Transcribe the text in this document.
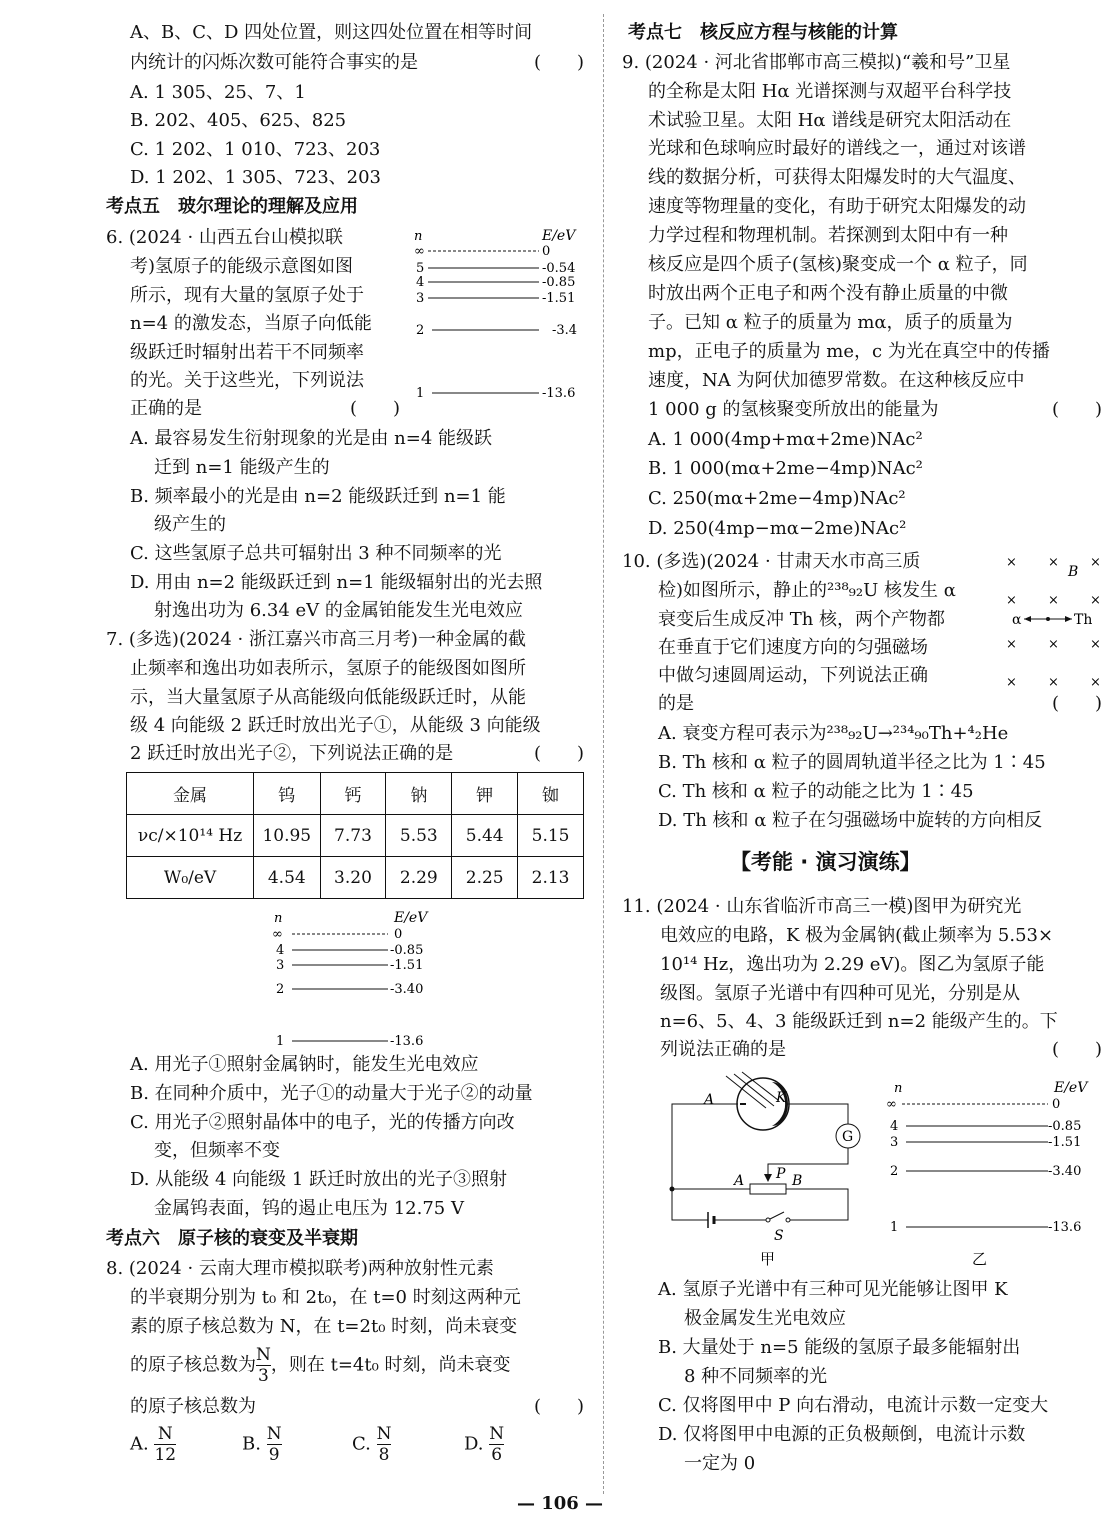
A、B、C、D 四处位置，则这四处位置在相等时间
内统计的闪烁次数可能符合事实的是	(　　)
A. 1 305、25、7、1
B. 202、405、625、825
C. 1 202、1 010、723、203
D. 1 202、1 305、723、203
考点五　玻尔理论的理解及应用
6. (2024 · 山西五台山模拟联
考)氢原子的能级示意图如图
所示，现有大量的氢原子处于
n=4 的激发态，当原子向低能
级跃迁时辐射出若干不同频率
的光。关于这些光，下列说法
正确的是	(　　)
n	E/eV
∞	0
5	-0.54
4	-0.85
3	-1.51
2	-3.4
1	-13.6
A. 最容易发生衍射现象的光是由 n=4 能级跃
迁到 n=1 能级产生的
B. 频率最小的光是由 n=2 能级跃迁到 n=1 能
级产生的
C. 这些氢原子总共可辐射出 3 种不同频率的光
D. 用由 n=2 能级跃迁到 n=1 能级辐射出的光去照
射逸出功为 6.34 eV 的金属铂能发生光电效应
7. (多选)(2024 · 浙江嘉兴市高三月考)一种金属的截
止频率和逸出功如表所示，氢原子的能级图如图所
示，当大量氢原子从高能级向低能级跃迁时，从能
级 4 向能级 2 跃迁时放出光子①，从能级 3 向能级
2 跃迁时放出光子②，下列说法正确的是	(　　)
金属	钨	钙	钠	钾	铷
νc/×10¹⁴ Hz	10.95	7.73	5.53	5.44	5.15
W₀/eV	4.54	3.20	2.29	2.25	2.13
n	E/eV
∞	0
4	-0.85
3	-1.51
2	-3.40
1	-13.6
A. 用光子①照射金属钠时，能发生光电效应
B. 在同种介质中，光子①的动量大于光子②的动量
C. 用光子②照射晶体中的电子，光的传播方向改
变，但频率不变
D. 从能级 4 向能级 1 跃迁时放出的光子③照射
金属钨表面，钨的遏止电压为 12.75 V
考点六　原子核的衰变及半衰期
8. (2024 · 云南大理市模拟联考)两种放射性元素
的半衰期分别为 t₀ 和 2t₀，在 t=0 时刻这两种元
素的原子核总数为 N，在 t=2t₀ 时刻，尚未衰变
的原子核总数为 $\frac{N}{3}$ ，则在 t=4t₀ 时刻，尚未衰变
的原子核总数为	(　　)
A. $\frac{N}{12}$	B. $\frac{N}{9}$	C. $\frac{N}{8}$	D. $\frac{N}{6}$
考点七　核反应方程与核能的计算
9. (2024 · 河北省邯郸市高三模拟)“羲和号”卫星
的全称是太阳 Hα 光谱探测与双超平台科学技
术试验卫星。太阳 Hα 谱线是研究太阳活动在
光球和色球响应时最好的谱线之一，通过对该谱
线的数据分析，可获得太阳爆发时的大气温度、
速度等物理量的变化，有助于研究太阳爆发的动
力学过程和物理机制。若探测到太阳中有一种
核反应是四个质子(氢核)聚变成一个 α 粒子，同
时放出两个正电子和两个没有静止质量的中微
子。已知 α 粒子的质量为 mα，质子的质量为
mp，正电子的质量为 me，c 为光在真空中的传播
速度，NA 为阿伏加德罗常数。在这种核反应中
1 000 g 的氢核聚变所放出的能量为	(　　)
A. 1 000(4mp+mα+2me)NAc²
B. 1 000(mα+2me−4mp)NAc²
C. 250(mα+2me−4mp)NAc²
D. 250(4mp−mα−2me)NAc²
10. (多选)(2024 · 甘肃天水市高三质
检)如图所示，静止的²³⁸₉₂U 核发生 α
衰变后生成反冲 Th 核，两个产物都
在垂直于它们速度方向的匀强磁场
中做匀速圆周运动，下列说法正确
的是	(　　)
× × ×
B
× × ×
α	Th
× × ×
× × ×
A. 衰变方程可表示为²³⁸₉₂U→²³⁴₉₀Th+⁴₂He
B. Th 核和 α 粒子的圆周轨道半径之比为 1∶45
C. Th 核和 α 粒子的动能之比为 1∶45
D. Th 核和 α 粒子在匀强磁场中旋转的方向相反
【考能 · 演习演练】
11. (2024 · 山东省临沂市高三一模)图甲为研究光
电效应的电路，K 极为金属钠(截止频率为 5.53×
10¹⁴ Hz，逸出功为 2.29 eV)。图乙为氢原子能
级图。氢原子光谱中有四种可见光，分别是从
n=6、5、4、3 能级跃迁到 n=2 能级产生的。下
列说法正确的是	(　　)
A	K
G
P
A	B
S
甲
n	E/eV
∞	0
4	-0.85
3	-1.51
2	-3.40
1	-13.6
乙
A. 氢原子光谱中有三种可见光能够让图甲 K
极金属发生光电效应
B. 大量处于 n=5 能级的氢原子最多能辐射出
8 种不同频率的光
C. 仅将图甲中 P 向右滑动，电流计示数一定变大
D. 仅将图甲中电源的正负极颠倒，电流计示数
一定为 0
— 106 —
